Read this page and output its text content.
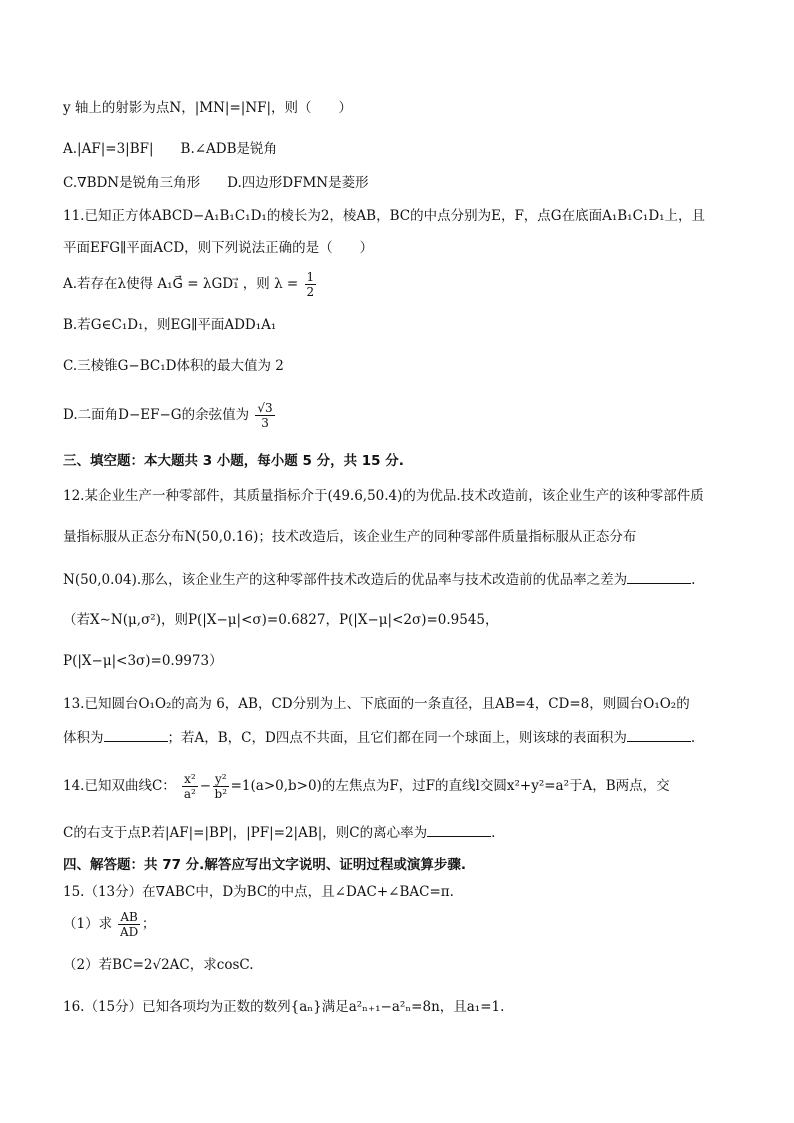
y 轴上的射影为点N，|MN|=|NF|，则（　　）
A.|AF|=3|BF|　　B.∠ADB是锐角
C.∇BDN是锐角三角形　　D.四边形DFMN是菱形
11.已知正方体ABCD−A₁B₁C₁D₁的棱长为2，棱AB，BC的中点分别为E，F，点G在底面A₁B₁C₁D₁上，且
平面EFG∥平面ACD，则下列说法正确的是（　　）
A.若存在λ使得 A₁G⃗ = λGD₁⃗ ，则 $\lambda = \frac{1}{2}$
B.若G∈C₁D₁，则EG∥平面ADD₁A₁
C.三棱锥G−BC₁D体积的最大值为 2
D.二面角D−EF−G的余弦值为 $\frac{√3}{3}$
三、填空题：本大题共 3 小题，每小题 5 分，共 15 分.
12.某企业生产一种零部件，其质量指标介于(49.6,50.4)的为优品.技术改造前，该企业生产的该种零部件质
量指标服从正态分布N(50,0.16)；技术改造后，该企业生产的同种零部件质量指标服从正态分布
N(50,0.04).那么，该企业生产的这种零部件技术改造后的优品率与技术改造前的优品率之差为	.
（若X∼N(μ,σ²)，则P(|X−μ|<σ)=0.6827，P(|X−μ|<2σ)=0.9545，
P(|X−μ|<3σ)=0.9973）
13.已知圆台O₁O₂的高为 6，AB，CD分别为上、下底面的一条直径，且AB=4，CD=8，则圆台O₁O₂的
体积为	；若A，B，C，D四点不共面，且它们都在同一个球面上，则该球的表面积为	.
14.已知双曲线C： $\frac{\text{x²}}{\text{a²}} - \frac{\text{y²}}{\text{b²}} =1(a>0,b>0)$的左焦点为F，过F的直线l交圆x²+y²=a²于A，B两点，交
C的右支于点P.若|AF|=|BP|，|PF|=2|AB|，则C的离心率为	.
四、解答题：共 77 分.解答应写出文字说明、证明过程或演算步骤.
15.（13分）在∇ABC中，D为BC的中点，且∠DAC+∠BAC=π.
（1）求 $\frac{AB}{AD}$ ；
（2）若BC=2√2AC，求cosC.
16.（15分）已知各项均为正数的数列{aₙ}满足a²ₙ₊₁−a²ₙ=8n，且a₁=1.
